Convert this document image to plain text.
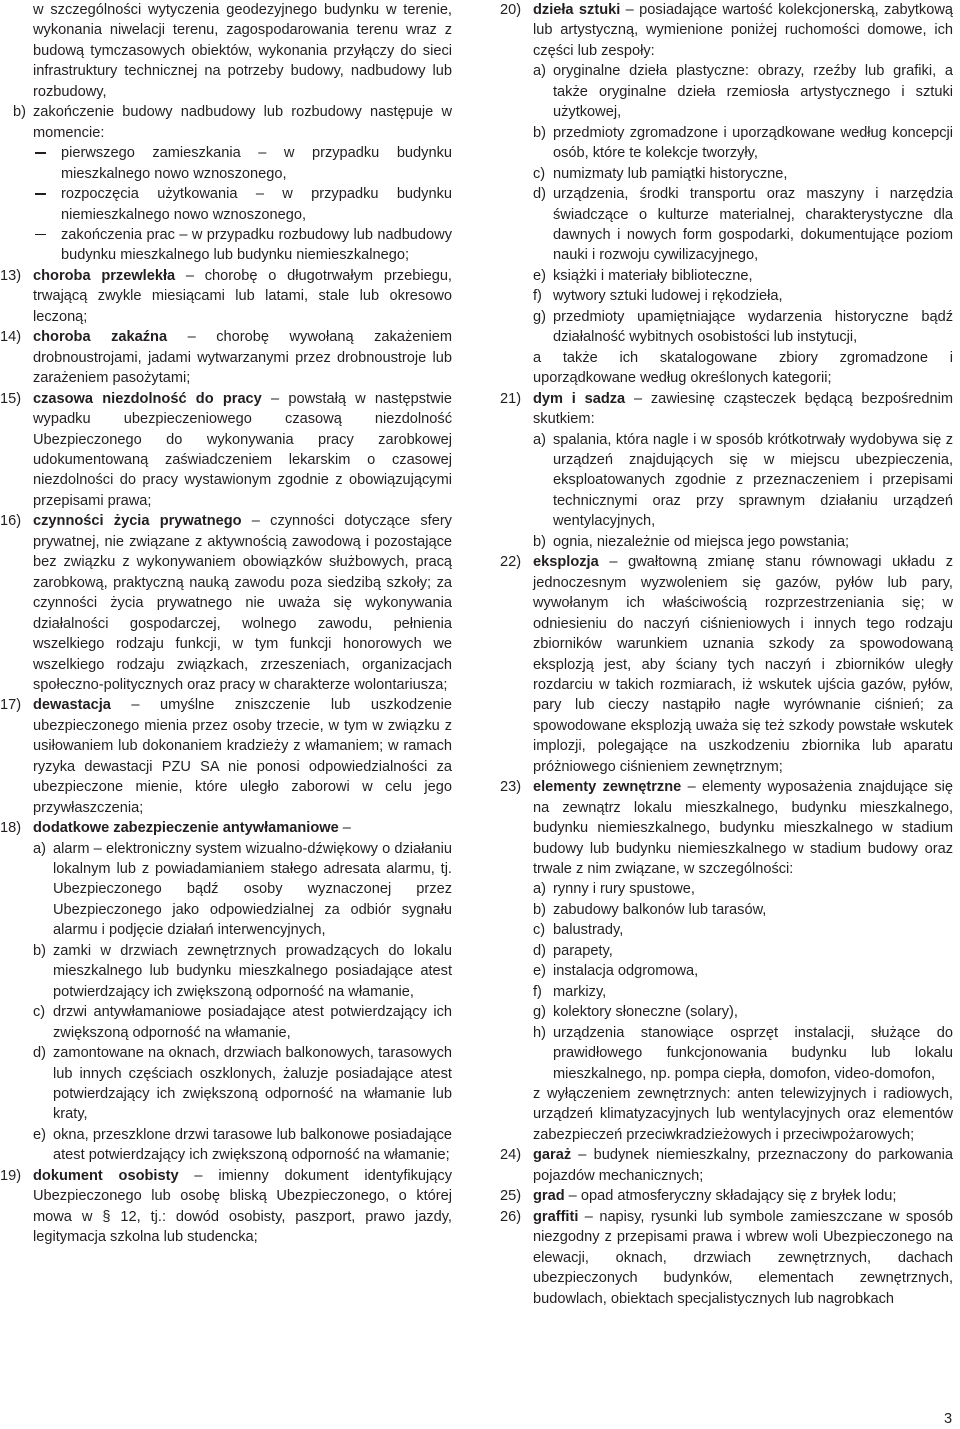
w szczególności wytyczenia geodezyjnego budynku w terenie, wykonania niwelacji terenu, zagospodarowania terenu wraz z budową tymczasowych obiektów, wykonania przyłączy do sieci infrastruktury technicznej na potrzeby budowy, nadbudowy lub rozbudowy,

b) zakończenie budowy nadbudowy lub rozbudowy następuje w momencie:
pierwszego zamieszkania – w przypadku budynku mieszkalnego nowo wznoszonego,
rozpoczęcia użytkowania – w przypadku budynku niemieszkalnego nowo wznoszonego,
zakończenia prac – w przypadku rozbudowy lub nadbudowy budynku mieszkalnego lub budynku niemieszkalnego;
13) choroba przewlekła – chorobę o długotrwałym przebiegu, trwającą zwykle miesiącami lub latami, stale lub okresowo leczoną;
14) choroba zakaźna – chorobę wywołaną zakażeniem drobnoustrojami, jadami wytwarzanymi przez drobnoustroje lub zarażeniem pasożytami;
15) czasowa niezdolność do pracy – powstałą w następstwie wypadku ubezpieczeniowego czasową niezdolność Ubezpieczonego do wykonywania pracy zarobkowej udokumentowaną zaświadczeniem lekarskim o czasowej niezdolności do pracy wystawionym zgodnie z obowiązującymi przepisami prawa;
16) czynności życia prywatnego – czynności dotyczące sfery prywatnej, nie związane z aktywnością zawodową i pozostające bez związku z wykonywaniem obowiązków służbowych, pracą zarobkową, praktyczną nauką zawodu poza siedzibą szkoły; za czynności życia prywatnego nie uważa się wykonywania działalności gospodarczej, wolnego zawodu, pełnienia wszelkiego rodzaju funkcji, w tym funkcji honorowych we wszelkiego rodzaju związkach, zrzeszeniach, organizacjach społeczno-politycznych oraz pracy w charakterze wolontariusza;
17) dewastacja – umyślne zniszczenie lub uszkodzenie ubezpieczonego mienia przez osoby trzecie, w tym w związku z usiłowaniem lub dokonaniem kradzieży z włamaniem; w ramach ryzyka dewastacji PZU SA nie ponosi odpowiedzialności za ubezpieczone mienie, które uległo zaborowi w celu jego przywłaszczenia;
18) dodatkowe zabezpieczenie antywłamaniowe –
a) alarm – elektroniczny system wizualno-dźwiękowy o działaniu lokalnym lub z powiadamianiem stałego adresata alarmu, tj. Ubezpieczonego bądź osoby wyznaczonej przez Ubezpieczonego jako odpowiedzialnej za odbiór sygnału alarmu i podjęcie działań interwencyjnych,
b) zamki w drzwiach zewnętrznych prowadzących do lokalu mieszkalnego lub budynku mieszkalnego posiadające atest potwierdzający ich zwiększoną odporność na włamanie,
c) drzwi antywłamaniowe posiadające atest potwierdzający ich zwiększoną odporność na włamanie,
d) zamontowane na oknach, drzwiach balkonowych, tarasowych lub innych częściach oszklonych, żaluzje posiadające atest potwierdzający ich zwiększoną odporność na włamanie lub kraty,
e) okna, przeszklone drzwi tarasowe lub balkonowe posiadające atest potwierdzający ich zwiększoną odporność na włamanie;
19) dokument osobisty – imienny dokument identyfikujący Ubezpieczonego lub osobę bliską Ubezpieczonego, o której mowa w § 12, tj.: dowód osobisty, paszport, prawo jazdy, legitymacja szkolna lub studencka;
20) dzieła sztuki – posiadające wartość kolekcjonerską, zabytkową lub artystyczną, wymienione poniżej ruchomości domowe, ich części lub zespoły:
a) oryginalne dzieła plastyczne: obrazy, rzeźby lub grafiki, a także oryginalne dzieła rzemiosła artystycznego i sztuki użytkowej,
b) przedmioty zgromadzone i uporządkowane według koncepcji osób, które te kolekcje tworzyły,
c) numizmaty lub pamiątki historyczne,
d) urządzenia, środki transportu oraz maszyny i narzędzia świadczące o kulturze materialnej, charakterystyczne dla dawnych i nowych form gospodarki, dokumentujące poziom nauki i rozwoju cywilizacyjnego,
e) książki i materiały biblioteczne,
f) wytwory sztuki ludowej i rękodzieła,
g) przedmioty upamiętniające wydarzenia historyczne bądź działalność wybitnych osobistości lub instytucji,

a także ich skatalogowane zbiory zgromadzone i uporządkowane według określonych kategorii;

21) dym i sadza – zawiesinę cząsteczek będącą bezpośrednim skutkiem:
a) spalania, która nagle i w sposób krótkotrwały wydobywa się z urządzeń znajdujących się w miejscu ubezpieczenia, eksploatowanych zgodnie z przeznaczeniem i przepisami technicznymi oraz przy sprawnym działaniu urządzeń wentylacyjnych,
b) ognia, niezależnie od miejsca jego powstania;
22) eksplozja – gwałtowną zmianę stanu równowagi układu z jednoczesnym wyzwoleniem się gazów, pyłów lub pary, wywołanym ich właściwością rozprzestrzeniania się; w odniesieniu do naczyń ciśnieniowych i innych tego rodzaju zbiorników warunkiem uznania szkody za spowodowaną eksplozją jest, aby ściany tych naczyń i zbiorników uległy rozdarciu w takich rozmiarach, iż wskutek ujścia gazów, pyłów, pary lub cieczy nastąpiło nagłe wyrównanie ciśnień; za spowodowane eksplozją uważa się też szkody powstałe wskutek implozji, polegające na uszkodzeniu zbiornika lub aparatu próżniowego ciśnieniem zewnętrznym;
23) elementy zewnętrzne – elementy wyposażenia znajdujące się na zewnątrz lokalu mieszkalnego, budynku mieszkalnego, budynku niemieszkalnego, budynku mieszkalnego w stadium budowy lub budynku niemieszkalnego w stadium budowy oraz trwale z nim związane, w szczególności:
a) rynny i rury spustowe,
b) zabudowy balkonów lub tarasów,
c) balustrady,
d) parapety,
e) instalacja odgromowa,
f) markizy,
g) kolektory słoneczne (solary),
h) urządzenia stanowiące osprzęt instalacji, służące do prawidłowego funkcjonowania budynku lub lokalu mieszkalnego, np. pompa ciepła, domofon, video-domofon,

z wyłączeniem zewnętrznych: anten telewizyjnych i radiowych, urządzeń klimatyzacyjnych lub wentylacyjnych oraz elementów zabezpieczeń przeciwkradzieżowych i przeciwpożarowych;

24) garaż – budynek niemieszkalny, przeznaczony do parkowania pojazdów mechanicznych;
25) grad – opad atmosferyczny składający się z bryłek lodu;
26) graffiti – napisy, rysunki lub symbole zamieszczane w sposób niezgodny z przepisami prawa i wbrew woli Ubezpieczonego na elewacji, oknach, drzwiach zewnętrznych, dachach ubezpieczonych budynków, elementach zewnętrznych, budowlach, obiektach specjalistycznych lub nagrobkach
3
